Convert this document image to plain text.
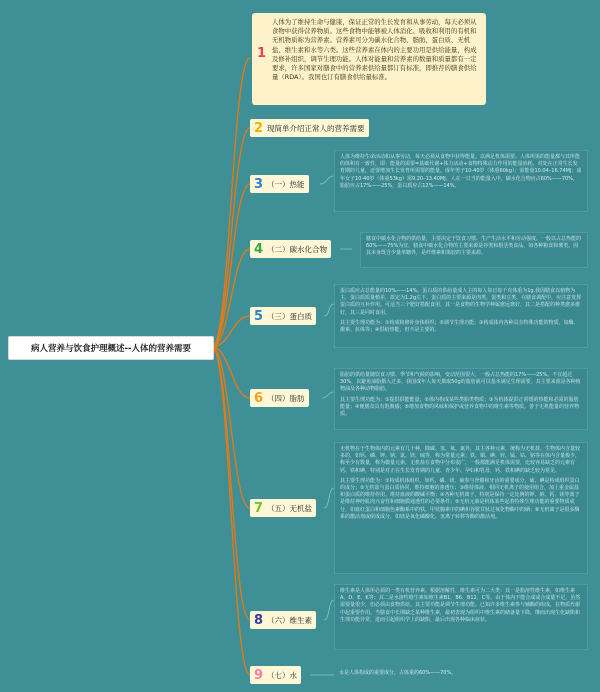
病人营养与饮食护理概述--人体的营养需要
1
人体为了维持生命与健康，保证正常的生长发育和从事劳动，每天必须从食物中获得营养物质。这些食物中能够被人体消化、吸收和利用的有机和无机物质称为营养素。营养素可分为碳水化合物、脂肪、蛋白质、无机盐、维生素和水等六类。这些营养素在体内的主要功用是供给能量，构成及修补组织，调节生理功能。人体对能量和营养素的数量和质量都有一定要求，许多国家对膳食中的营养素供给量都订有标准，即推荐的膳食供给量（RDA）。我国也订有膳食供给量标准。
2 现简单介绍正常人的营养需要
3 （一）热能
4 （二）碳水化合物
5 （三）蛋白质
6 （四）脂肪
7 （五）无机盐
8 （六）维生素
9 （七）水

人体为维持生命活动和从事劳动，每天必须从食物中获得能量。以满足机体需要。人体所需的能量都与其所能的体积有一致性，即：能量的需要=基础代谢+体力活动+食物特殊动力作用的能量消耗。对处在正常生长发育期的儿童，还要增加生长发育所需要的能量。成年男子10-40岁（体重60kg）；需能量10.04–16.74MJ；成年女子10-40岁（体重53kg）需9.20–13.40MJ。人在一日当的能量入中，碳水化合物应占60%——70%，脂肪应占17%——25%，蛋白质应占12%——14%。

膳食中碳水化合物的供给量，主要决定于饮食习惯、生产生活水平和劳动强度。一般以占总热能的60%——75%为宜。膳食中碳水化合物的主要来源是谷类和根茎类食品，如各种粮食和薯类。因其本身既含少量单糖外，是纤维素和果胶的主要来源。

蛋白质应占总能量的10%——14%。蛋白质的供给量成人主的每人每日每千克体重为1g.我国膳食以植物为主，蛋白质质量稍差，故定为1.2g左下。蛋白质的主要来源是肉类、蛋类和豆类、在膳食调配中，应注意发挥蛋白质的互补作用。可适当三个肥好搭配食用，其一是食物的生物学种属愈远愈好，其二是搭配的种类愈多愈好，其三是同时食用。

其主要生理功能为：①构成和修补身体组织；②调节生理功能；③构成体内各种具有特殊功能的物质，如酶、激素、抗体等；④供给热能，但不是主要的。

脂肪的供给量随饮食习惯、季节和气候的影响，变动范围很大，一般占总热能的17%——25%。不宜超过30%，以避免油脂摄入过多。我国成年人每天摄取50g的脂肪就可以基本满足生理需要。其主要来源是各种植物油及各种动物脂肪。

其主要生理功能为：①提供供能能量；②体内构成某些类脂类物质；③为机体提供正常缓的热能和必需的脂肪能量；④便膳食具有饱腹感；⑤增加食物的风味和保护或营养食物中的维生素等物质。善于无机能量的营养物质。

无机物在于生物体内的元素有几十种，除碳、氢、氧、氮外，其主各种元素，统称为无机盐。生物体内含量较多的，如钙、磷、钾、钠、氯、镁、硫等，称为常量元素；铁、铜、碘、锌、锰、钴、铬等在体内含量极少，称至少有数量，称为微量元素。无机盐在食物中分布很广，一般都能满足机体需要，比较容易缺乏的元素有钙、铁和碘，特别是对正在生长发育期的儿童、青少年、孕妇和乳母，钙、铁和碘的缺乏较为常见。

其主要生理功能为：①构成机体组织，如钙、磷、镁、硫参与骨骼和牙齿的重要成分，硫、碘是构成组织蛋白的成分；②无机盐与蛋白质协同，维持细胞的渗透压；③维持体液、相同无机离子的使用组合，加上重金属盐和蛋白质的维持作用。维持血液的酸碱平衡；④各种无机离子，特别是保持一定比例的钾、钠、钙、镁等离子是维持神经肌肉兴奋性和细胞膜通透性的必要条件；⑤无机元素是机体某些起着特殊生理功能的重要物质成分，如血红蛋白和细胞色素酶系中的铁、甲状腺素中的碘和谷胱甘肽过氧化物酶中的硒；⑥无机离子是很多酶系的激活剂或组成成分，如镁是氧化磷酸化、氢离子转移等酶的激活剂。

维生素是人体所必须的一类有机营养素。根据溶解性，维生素可为二大类：其一是脂溶性维生素，如维生素A、D、E、K等；其二是水溶性维生素如维生素B1、B6、B12、C等。由于体内不能合成或合成量不足，虽然需要量很少，但必须由食物供给。其主要功能是调节生理功能。已知许多维生素参与辅酶的组成，在物质代谢中起重要作用。当膳食中长期缺乏某种维生素，最初表现为组织中维生素的储备量下降，继而出现生化缺陷和生理功能异常，进而引起组织学上的缺陷，最后出现各种临床症状。

水是人体构成的重要成分，占体重的60%——70%。
